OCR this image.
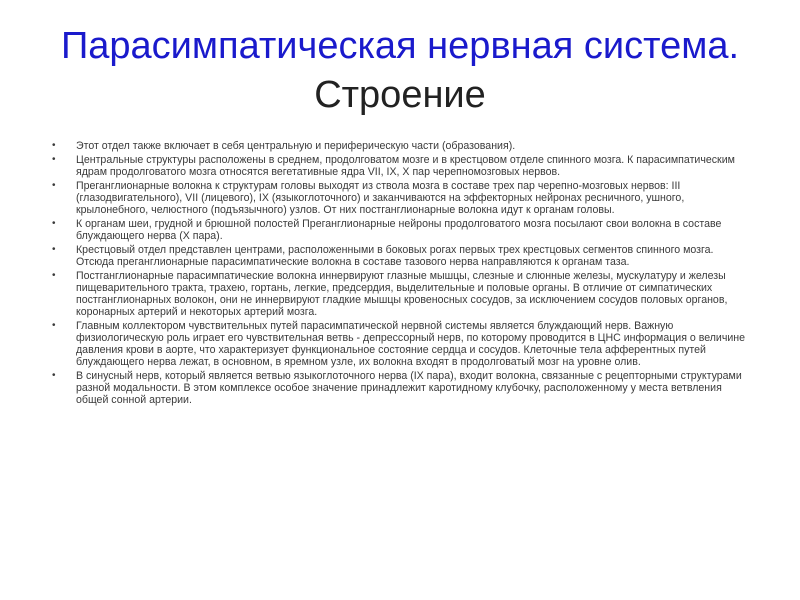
Парасимпатическая нервная система. Строение
• Этот отдел также включает в себя центральную и периферическую части (образования).
• Центральные структуры расположены в среднем, продолговатом мозге и в крестцовом отделе спинного мозга. К парасимпатическим ядрам продолговатого мозга относятся вегетативные ядра VII, IX, X пар черепномозговых нервов.
• Преганглионарные волокна к структурам головы выходят из ствола мозга в составе трех пар черепно-мозговых нервов: III (глазодвигательного), VII (лицевого), IX (языкоглоточного) и заканчиваются на эффекторных нейронах ресничного, ушного, крылонебного, челюстного (подъязычного) узлов. От них постганглионарные волокна идут к органам головы.
• К органам шеи, грудной и брюшной полостей Преганглионарные нейроны продолговатого мозга посылают свои волокна в составе блуждающего нерва (X пара).
• Крестцовый отдел представлен центрами, расположенными в боковых рогах первых трех крестцовых сегментов спинного мозга. Отсюда преганглионарные парасимпатические волокна в составе тазового нерва направляются к органам таза.
• Постганглионарные парасимпатические волокна иннервируют глазные мышцы, слезные и слюнные железы, мускулатуру и железы пищеварительного тракта, трахею, гортань, легкие, предсердия, выделительные и половые органы. В отличие от симпатических постганглионарных волокон, они не иннервируют гладкие мышцы кровеносных сосудов, за исключением сосудов половых органов, коронарных артерий и некоторых артерий мозга.
• Главным коллектором чувствительных путей парасимпатической нервной системы является блуждающий нерв. Важную физиологическую роль играет его чувствительная ветвь - депрессорный нерв, по которому проводится в ЦНС информация о величине давления крови в аорте, что характеризует функциональное состояние сердца и сосудов. Клеточные тела афферентных путей блуждающего нерва лежат, в основном, в яремном узле, их волокна входят в продолговатый мозг на уровне олив.
• В синусный нерв, который является ветвью языкоглоточного нерва (IX пара), входит волокна, связанные с рецепторными структурами разной модальности. В этом комплексе особое значение принадлежит каротидному клубочку, расположенному у места ветвления общей сонной артерии.
